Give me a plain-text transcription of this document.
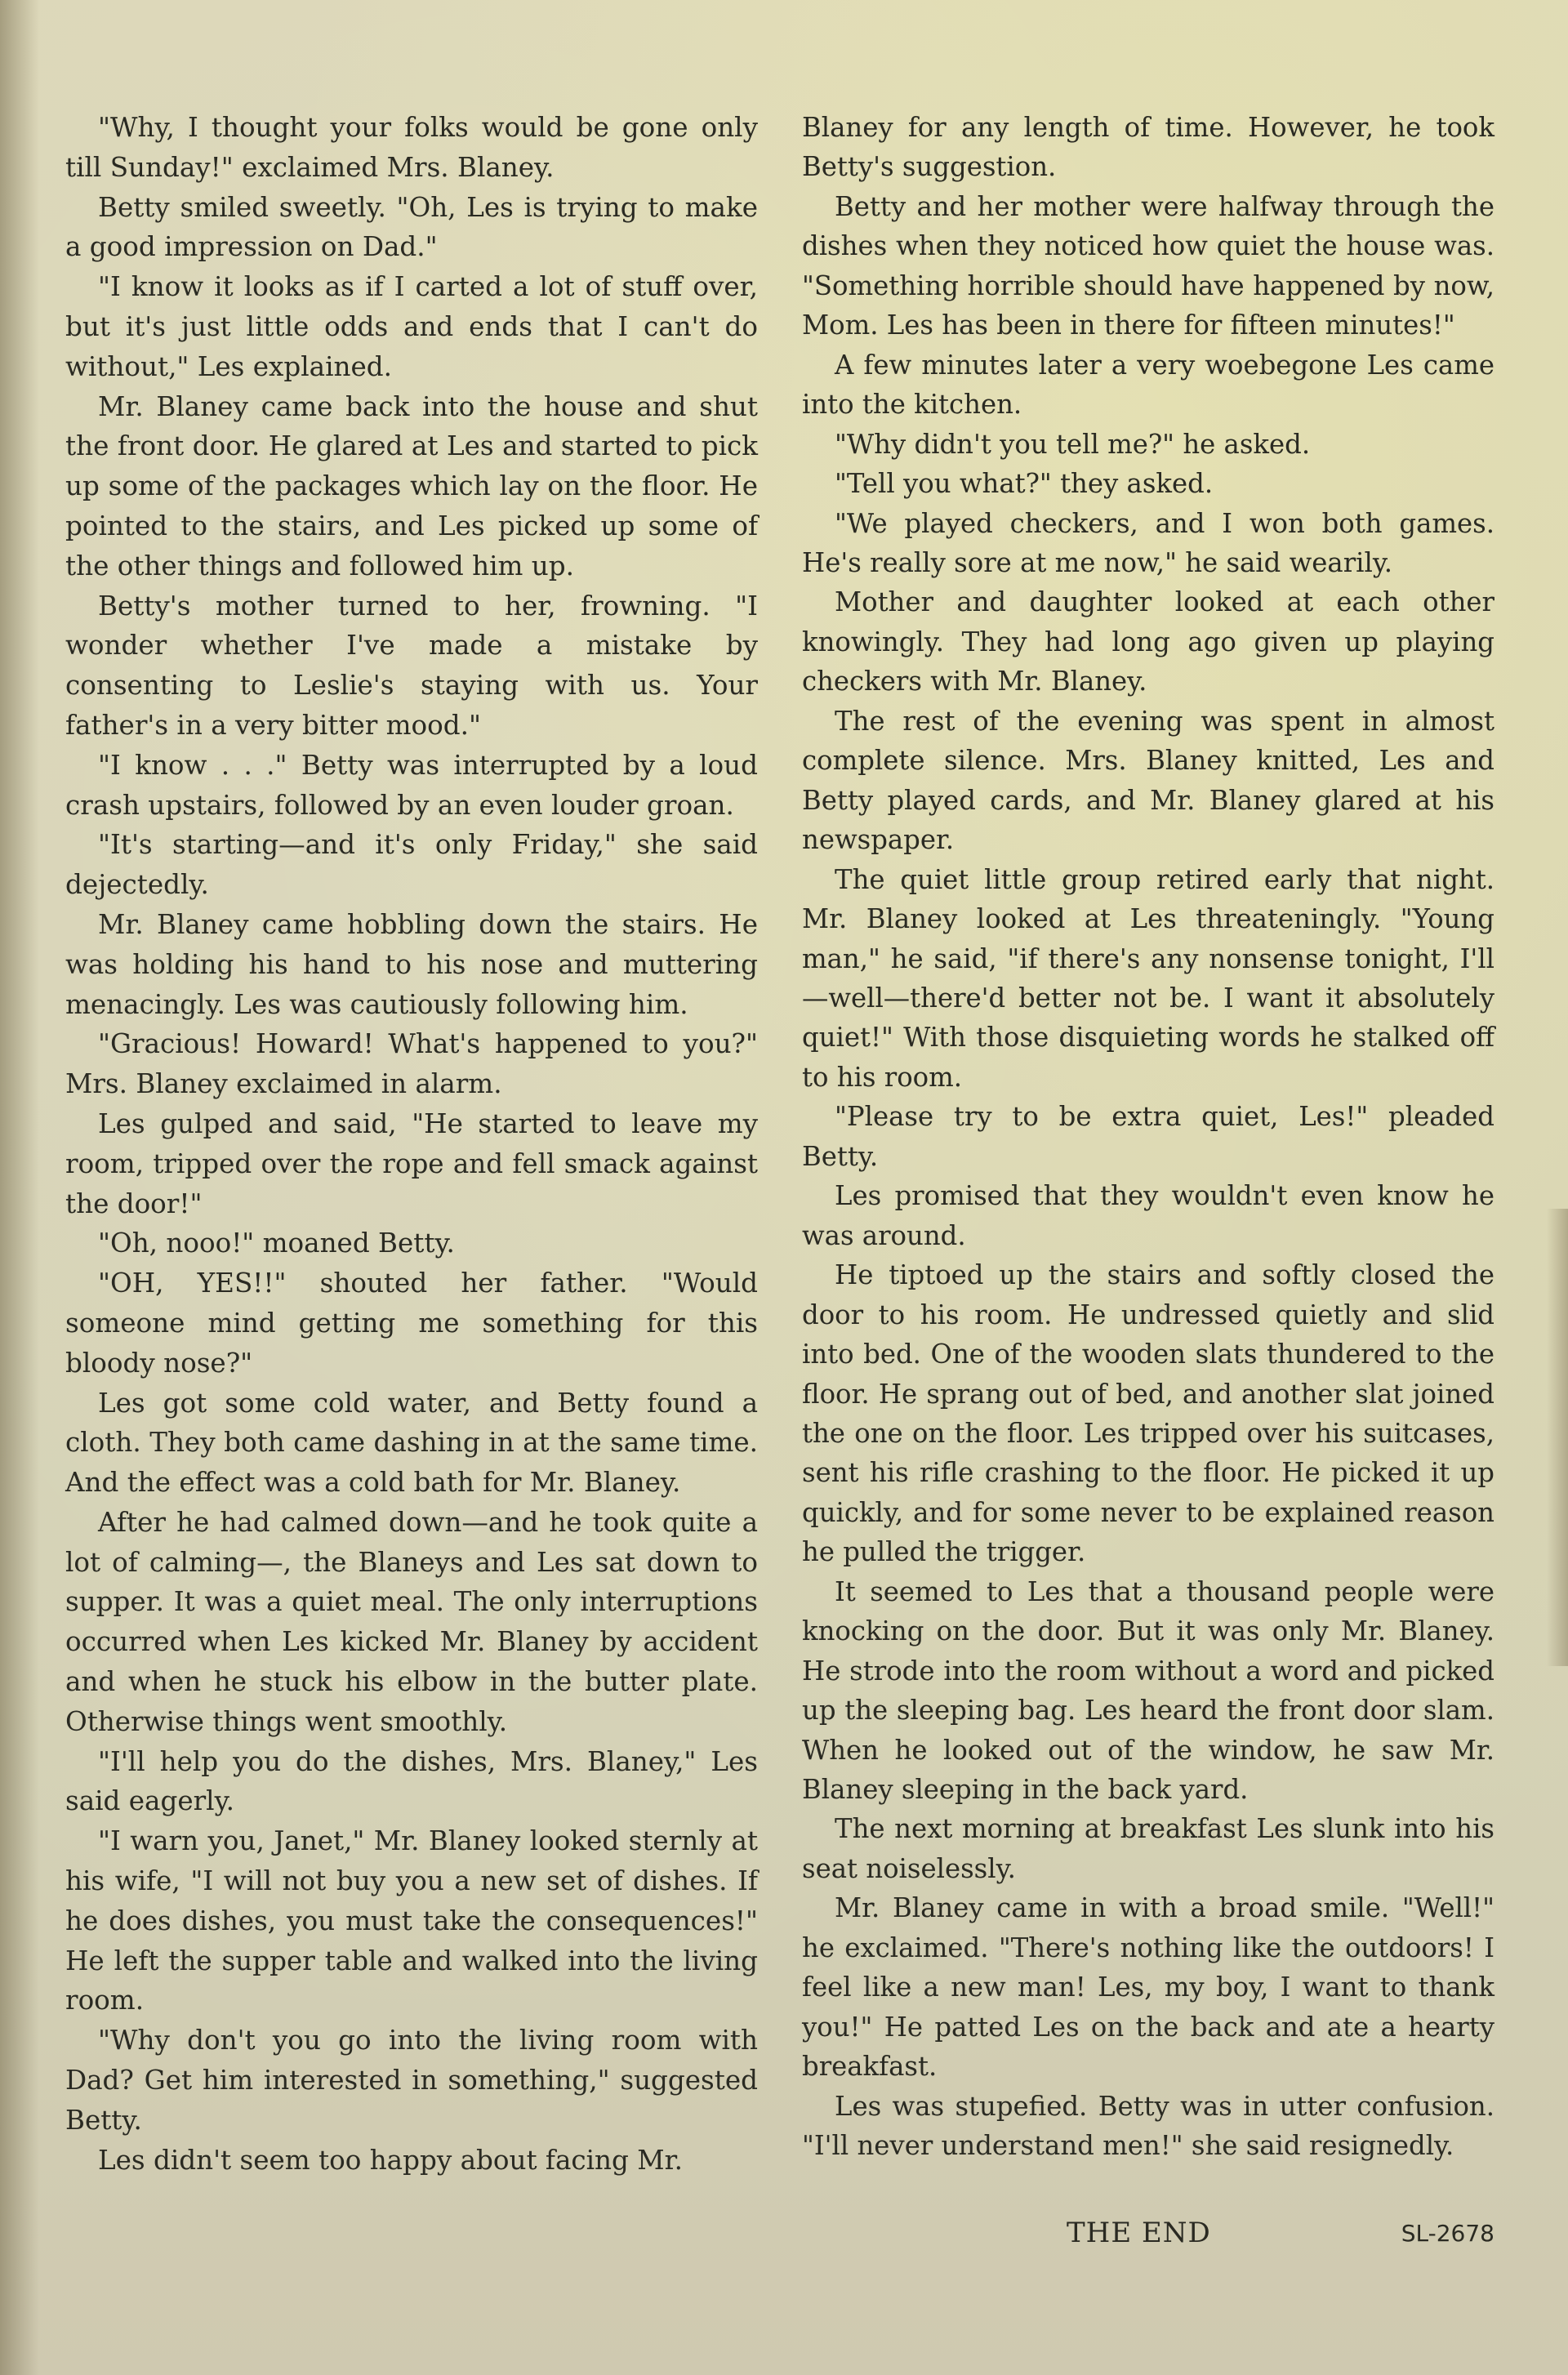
"Why, I thought your folks would be gone only till Sunday!" exclaimed Mrs. Blaney.

Betty smiled sweetly. "Oh, Les is trying to make a good impression on Dad."

"I know it looks as if I carted a lot of stuff over, but it's just little odds and ends that I can't do without," Les explained.

Mr. Blaney came back into the house and shut the front door. He glared at Les and started to pick up some of the packages which lay on the floor. He pointed to the stairs, and Les picked up some of the other things and followed him up.

Betty's mother turned to her, frowning. "I wonder whether I've made a mistake by consenting to Leslie's staying with us. Your father's in a very bitter mood."

"I know . . ." Betty was interrupted by a loud crash upstairs, followed by an even louder groan.

"It's starting—and it's only Friday," she said dejectedly.

Mr. Blaney came hobbling down the stairs. He was holding his hand to his nose and muttering menacingly. Les was cautiously following him.

"Gracious! Howard! What's happened to you?" Mrs. Blaney exclaimed in alarm.

Les gulped and said, "He started to leave my room, tripped over the rope and fell smack against the door!"

"Oh, nooo!" moaned Betty.

"OH, YES!!" shouted her father. "Would someone mind getting me something for this bloody nose?"

Les got some cold water, and Betty found a cloth. They both came dashing in at the same time. And the effect was a cold bath for Mr. Blaney.

After he had calmed down—and he took quite a lot of calming—, the Blaneys and Les sat down to supper. It was a quiet meal. The only interruptions occurred when Les kicked Mr. Blaney by accident and when he stuck his elbow in the butter plate. Otherwise things went smoothly.

"I'll help you do the dishes, Mrs. Blaney," Les said eagerly.

"I warn you, Janet," Mr. Blaney looked sternly at his wife, "I will not buy you a new set of dishes. If he does dishes, you must take the consequences!" He left the supper table and walked into the living room.

"Why don't you go into the living room with Dad? Get him interested in something," suggested Betty.

Les didn't seem too happy about facing Mr.

Blaney for any length of time. However, he took Betty's suggestion.

Betty and her mother were halfway through the dishes when they noticed how quiet the house was. "Something horrible should have happened by now, Mom. Les has been in there for fifteen minutes!"

A few minutes later a very woebegone Les came into the kitchen.

"Why didn't you tell me?" he asked.

"Tell you what?" they asked.

"We played checkers, and I won both games. He's really sore at me now," he said wearily.

Mother and daughter looked at each other knowingly. They had long ago given up playing checkers with Mr. Blaney.

The rest of the evening was spent in almost complete silence. Mrs. Blaney knitted, Les and Betty played cards, and Mr. Blaney glared at his newspaper.

The quiet little group retired early that night. Mr. Blaney looked at Les threateningly. "Young man," he said, "if there's any nonsense tonight, I'll—well—there'd better not be. I want it absolutely quiet!" With those disquieting words he stalked off to his room.

"Please try to be extra quiet, Les!" pleaded Betty.

Les promised that they wouldn't even know he was around.

He tiptoed up the stairs and softly closed the door to his room. He undressed quietly and slid into bed. One of the wooden slats thundered to the floor. He sprang out of bed, and another slat joined the one on the floor. Les tripped over his suitcases, sent his rifle crashing to the floor. He picked it up quickly, and for some never to be explained reason he pulled the trigger.

It seemed to Les that a thousand people were knocking on the door. But it was only Mr. Blaney. He strode into the room without a word and picked up the sleeping bag. Les heard the front door slam. When he looked out of the window, he saw Mr. Blaney sleeping in the back yard.

The next morning at breakfast Les slunk into his seat noiselessly.

Mr. Blaney came in with a broad smile. "Well!" he exclaimed. "There's nothing like the outdoors! I feel like a new man! Les, my boy, I want to thank you!" He patted Les on the back and ate a hearty breakfast.

Les was stupefied. Betty was in utter confusion. "I'll never understand men!" she said resignedly.

THE END	SL-2678
